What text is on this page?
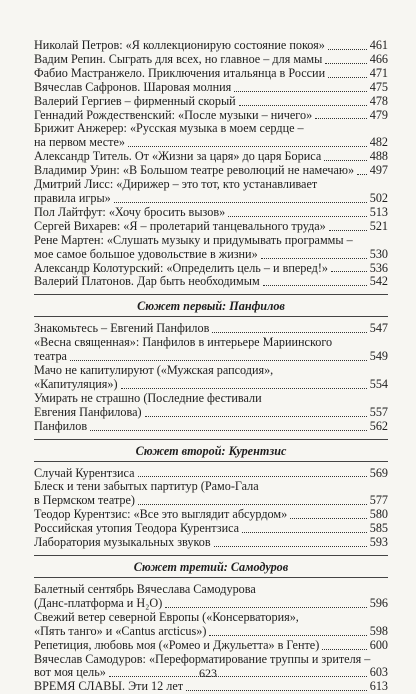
Николай Петров: «Я коллекционирую состояние покоя»	461
Вадим Репин. Сыграть для всех, но главное – для мамы	466
Фабио Мастранжело. Приключения итальянца в России	471
Вячеслав Сафронов. Шаровая молния	475
Валерий Гергиев – фирменный скорый	478
Геннадий Рождественский: «После музыки – ничего»	479
Брижит Анжерер: «Русская музыка в моем сердце –
на первом месте»	482
Александр Титель. От «Жизни за царя» до царя Бориса	488
Владимир Урин: «В Большом театре революций не намечаю» 497
Дмитрий Лисс: «Дирижер – это тот, кто устанавливает
правила игры»	502
Пол Лайтфут: «Хочу бросить вызов»	513
Сергей Вихарев: «Я – пролетарий танцевального труда»	521
Рене Мартен: «Слушать музыку и придумывать программы –
мое самое большое удовольствие в жизни»	530
Александр Колотурский: «Определить цель – и вперед!»	536
Валерий Платонов. Дар быть необходимым	542
Сюжет первый: Панфилов
Знакомьтесь – Евгений Панфилов	547
«Весна священная»: Панфилов в интерьере Мариинского
театра	549
Мачо не капитулируют («Мужская рапсодия»,
«Капитуляция»)	554
Умирать не страшно (Последние фестивали
Евгения Панфилова)	557
Панфилов	562
Сюжет второй: Курентзис
Случай Курентзиса	569
Блеск и тени забытых партитур (Рамо-Гала
в Пермском театре)	577
Теодор Курентзис: «Все это выглядит абсурдом»	580
Российская утопия Теодора Курентзиса	585
Лаборатория музыкальных звуков	593
Сюжет третий: Самодуров
Балетный сентябрь Вячеслава Самодурова
(Данс-платформа и H₂O)	596
Свежий ветер северной Европы («Консерватория»,
«Пять танго» и «Cantus arcticus»)	598
Репетиция, любовь моя («Ромео и Джульетта» в Генте)	600
Вячеслав Самодуров: «Переформатирование труппы и зрителя –
вот моя цель»	603
ВРЕМЯ СЛАВЫ. Эти 12 лет	613
623
